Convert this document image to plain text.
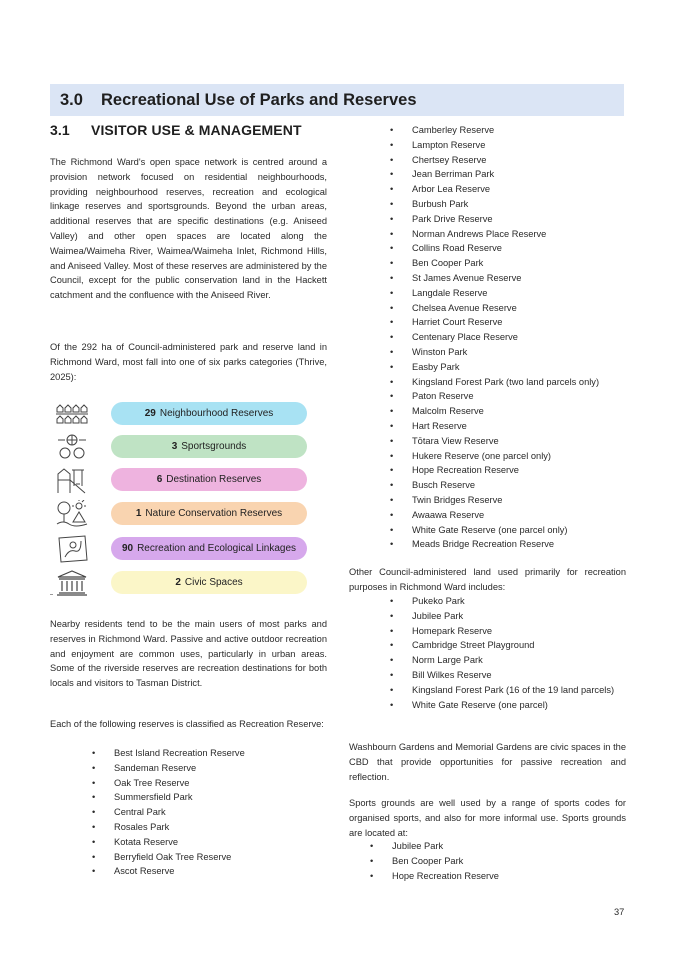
3.0	Recreational Use of Parks and Reserves
3.1 VISITOR USE & MANAGEMENT

The Richmond Ward's open space network is centred around a provision network focused on residential neighbourhoods, providing neighbourhood reserves, recreation and ecological linkage reserves and sportsgrounds. Beyond the urban areas, additional reserves that are specific destinations (e.g. Aniseed Valley) and other open spaces are located along the Waimea/Waimeha River, Waimea/Waimeha Inlet, Richmond Hills, and Aniseed Valley. Most of these reserves are administered by the Council, except for the public conservation land in the Hackett catchment and the confluence with the Aniseed River.

Of the 292 ha of Council-administered park and reserve land in Richmond Ward, most fall into one of six parks categories (Thrive, 2025):

29 Neighbourhood Reserves
3 Sportsgrounds
6 Destination Reserves
1 Nature Conservation Reserves
90 Recreation and Ecological Linkages
2 Civic Spaces

Nearby residents tend to be the main users of most parks and reserves in Richmond Ward. Passive and active outdoor recreation and enjoyment are common uses, particularly in urban areas. Some of the riverside reserves are recreation destinations for both locals and visitors to Tasman District.

Each of the following reserves is classified as Recreation Reserve:

• Best Island Recreation Reserve
• Sandeman Reserve
• Oak Tree Reserve
• Summersfield Park
• Central Park
• Rosales Park
• Kotata Reserve
• Berryfield Oak Tree Reserve
• Ascot Reserve
• Camberley Reserve
• Lampton Reserve
• Chertsey Reserve
• Jean Berriman Park
• Arbor Lea Reserve
• Burbush Park
• Park Drive Reserve
• Norman Andrews Place Reserve
• Collins Road Reserve
• Ben Cooper Park
• St James Avenue Reserve
• Langdale Reserve
• Chelsea Avenue Reserve
• Harriet Court Reserve
• Centenary Place Reserve
• Winston Park
• Easby Park
• Kingsland Forest Park (two land parcels only)
• Paton Reserve
• Malcolm Reserve
• Hart Reserve
• Tōtara View Reserve
• Hukere Reserve (one parcel only)
• Hope Recreation Reserve
• Busch Reserve
• Twin Bridges Reserve
• Awaawa Reserve
• White Gate Reserve (one parcel only)
• Meads Bridge Recreation Reserve

Other Council-administered land used primarily for recreation purposes in Richmond Ward includes:

• Pukeko Park
• Jubilee Park
• Homepark Reserve
• Cambridge Street Playground
• Norm Large Park
• Bill Wilkes Reserve
• Kingsland Forest Park (16 of the 19 land parcels)
• White Gate Reserve (one parcel)

Washbourn Gardens and Memorial Gardens are civic spaces in the CBD that provide opportunities for passive recreation and reflection.

Sports grounds are well used by a range of sports codes for organised sports, and also for more informal use. Sports grounds are located at:

• Jubilee Park
• Ben Cooper Park
• Hope Recreation Reserve
37
